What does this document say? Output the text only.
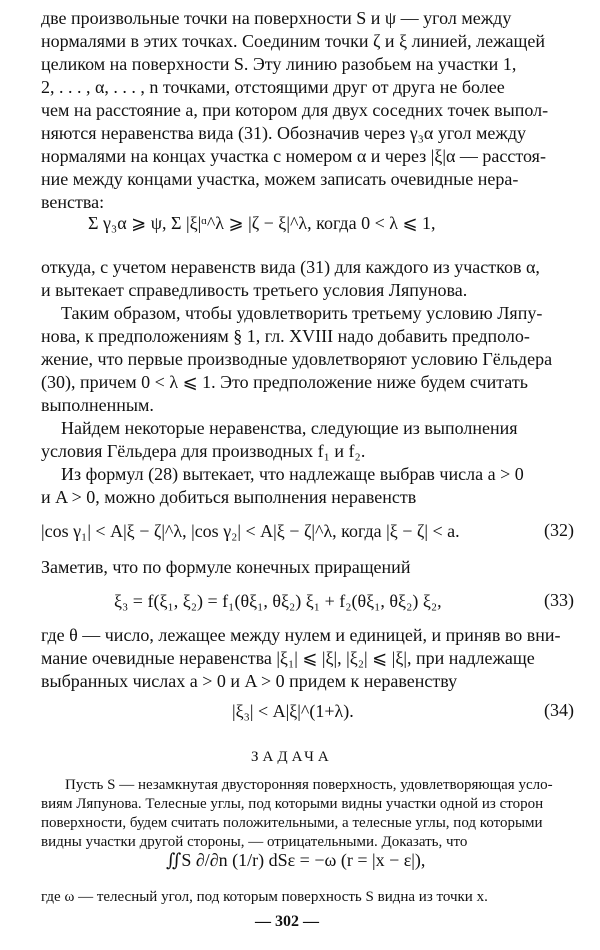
две произвольные точки на поверхности S и ψ — угол между

нормалями в этих точках. Соединим точки ζ и ξ линией, лежащей

целиком на поверхности S. Эту линию разобьем на участки 1,

2, . . . , α, . . . , n точками, отстоящими друг от друга не более

чем на расстояние a, при котором для двух соседних точек выпол-

няются неравенства вида (31). Обозначив через γ₃α угол между

нормалями на концах участка с номером α и через |ξ|α — расстоя-

ние между концами участка, можем записать очевидные нера-

венства:

Σ γ₃α ⩾ ψ, Σ |ξ|ᵅ^λ ⩾ |ζ − ξ|^λ, когда 0 < λ ⩽ 1,

откуда, с учетом неравенств вида (31) для каждого из участков α,

и вытекает справедливость третьего условия Ляпунова.

Таким образом, чтобы удовлетворить третьему условию Ляпу-

нова, к предположениям § 1, гл. XVIII надо добавить предполо-

жение, что первые производные удовлетворяют условию Гёльдера

(30), причем 0 < λ ⩽ 1. Это предположение ниже будем считать

выполненным.

Найдем некоторые неравенства, следующие из выполнения

условия Гёльдера для производных f₁ и f₂.

Из формул (28) вытекает, что надлежаще выбрав числа a > 0

и A > 0, можно добиться выполнения неравенств

|cos γ₁| < A|ξ − ζ|^λ, |cos γ₂| < A|ξ − ζ|^λ, когда |ξ − ζ| < a.	(32)

Заметив, что по формуле конечных приращений

ξ₃ = f(ξ₁, ξ₂) = f₁(θξ₁, θξ₂) ξ₁ + f₂(θξ₁, θξ₂) ξ₂,	(33)

где θ — число, лежащее между нулем и единицей, и приняв во вни-

мание очевидные неравенства |ξ₁| ⩽ |ξ|, |ξ₂| ⩽ |ξ|, при надлежаще

выбранных числах a > 0 и A > 0 придем к неравенству

|ξ₃| < A|ξ|^(1+λ).	(34)
ЗАДАЧА

Пусть S — незамкнутая двусторонняя поверхность, удовлетворяющая усло-

виям Ляпунова. Телесные углы, под которыми видны участки одной из сторон

поверхности, будем считать положительными, а телесные углы, под которыми

видны участки другой стороны, — отрицательными. Доказать, что

∬S ∂/∂n (1/r) dSε = −ω (r = |x − ε|),

где ω — телесный угол, под которым поверхность S видна из точки x.

— 302 —
